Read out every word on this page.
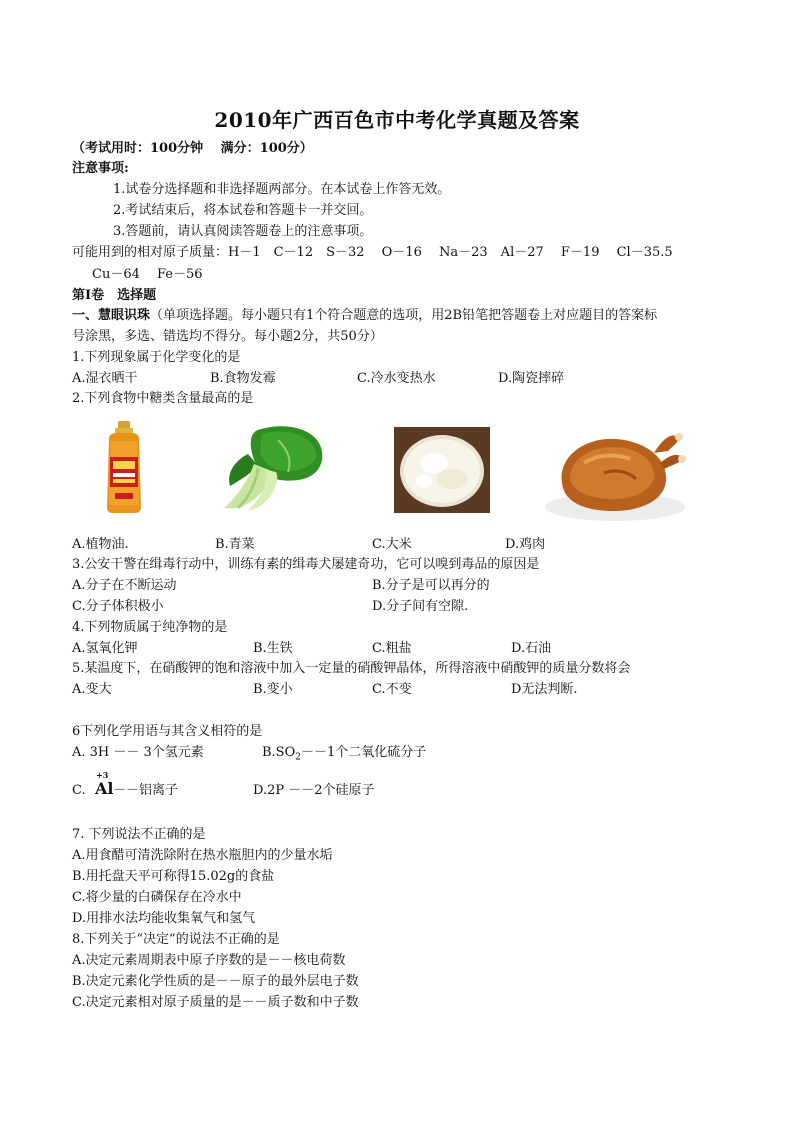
2010年广西百色市中考化学真题及答案
（考试用时：100分钟　 满分：100分）
注意事项:
1.试卷分选择题和非选择题两部分。在本试卷上作答无效。
2.考试结束后，将本试卷和答题卡一并交回。
3.答题前，请认真阅读答题卷上的注意事项。
可能用到的相对原子质量：H－1　C－12　S－32　 O－16　 Na－23　Al－27　 F－19　 Cl－35.5
Cu－64　 Fe－56
第Ⅰ卷　选择题
一、慧眼识珠（单项选择题。每小题只有1个符合题意的选项，用2B铅笔把答题卷上对应题目的答案标
号涂黑，多选、错选均不得分。每小题2分，共50分）
1.下列现象属于化学变化的是
A.湿衣晒干	B.食物发霉	C.冷水变热水	D.陶瓷摔碎
2.下列食物中糖类含量最高的是
A.植物油.	B.青菜	C.大米	D.鸡肉
3.公安干警在缉毒行动中，训练有素的缉毒犬屡建奇功，它可以嗅到毒品的原因是
A.分子在不断运动	B.分子是可以再分的
C.分子体积极小	D.分子间有空隙.
4.下列物质属于纯净物的是
A.氢氧化钾	B.生铁	C.粗盐	D.石油
5.某温度下，在硝酸钾的饱和溶液中加入一定量的硝酸钾晶体，所得溶液中硝酸钾的质量分数将会
A.变大	B.变小	C.不变	D无法判断.
6下列化学用语与其含义相符的是
A. 3H －－ 3个氢元素	$B.SO_2--1$个二氧化硫分子
C.
+3
Al －－铝离子	D.2P －－2个硅原子
7. 下列说法不正确的是
A.用食醋可清洗除附在热水瓶胆内的少量水垢
B.用托盘天平可称得15.02g的食盐
C.将少量的白磷保存在冷水中
D.用排水法均能收集氧气和氢气
8.下列关于“决定”的说法不正确的是
A.决定元素周期表中原子序数的是－－核电荷数
B.决定元素化学性质的是－－原子的最外层电子数
C.决定元素相对原子质量的是－－质子数和中子数
